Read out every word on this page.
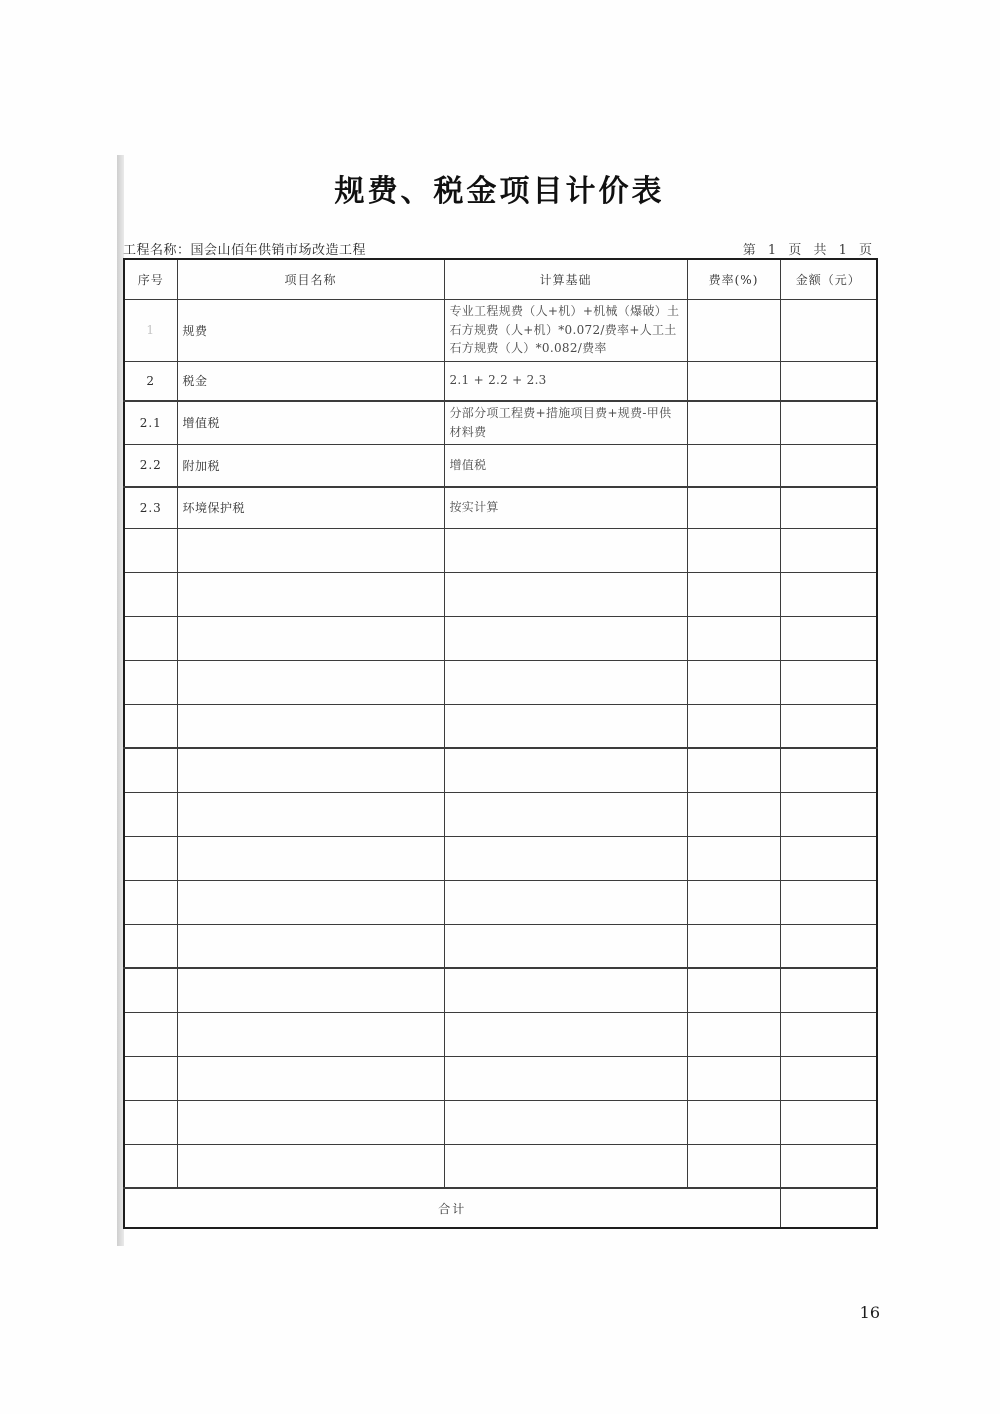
规费、税金项目计价表
工程名称：国会山佰年供销市场改造工程	第 1 页 共 1 页
序号	项目名称	计算基础	费率(%)	金额（元）
1	规费	专业工程规费（人+机）+机械（爆破）土石方规费（人+机）*0.072/费率+人工土石方规费（人）*0.082/费率		
2	税金	2.1 + 2.2 + 2.3		
2.1	增值税	分部分项工程费+措施项目费+规费-甲供材料费		
2.2	附加税	增值税		
2.3	环境保护税	按实计算		

合计				
16
